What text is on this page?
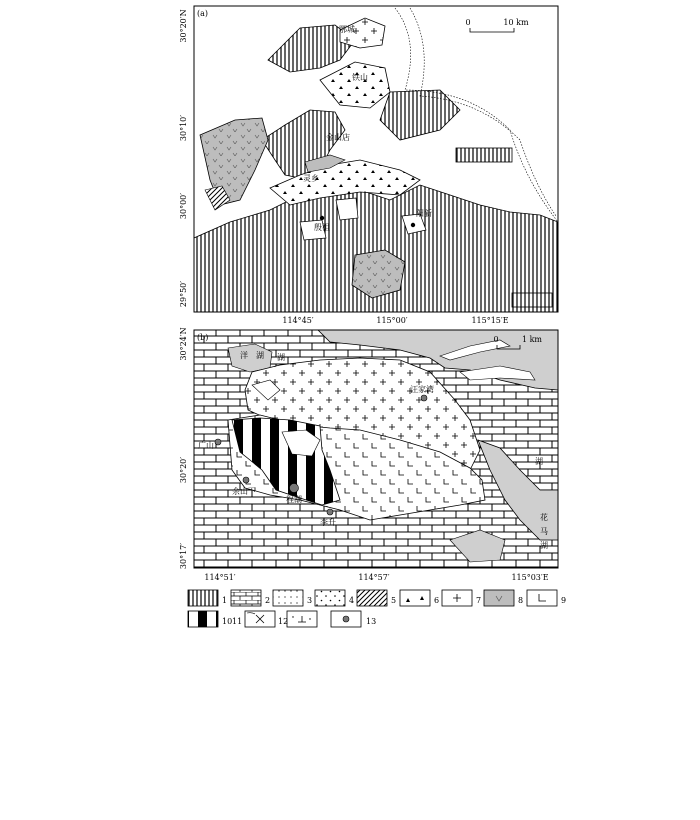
(a)
0	10 km
鄂城
铁山
金山店
灵乡
殷祖
阳新
30°20′N
30°10′
30°00′
29°50′
114°45′	115°00′	115°15′E
(b)	0	1 km
洋 湖 湖
湖
花
马
湖
汪家湾
广山
余山下
程潮
李升
30°24′N
30°20′
30°17′
114°51′	114°57′	115°03′E
1	2	3	4	5	6	7	8	9
10 11	12	13
